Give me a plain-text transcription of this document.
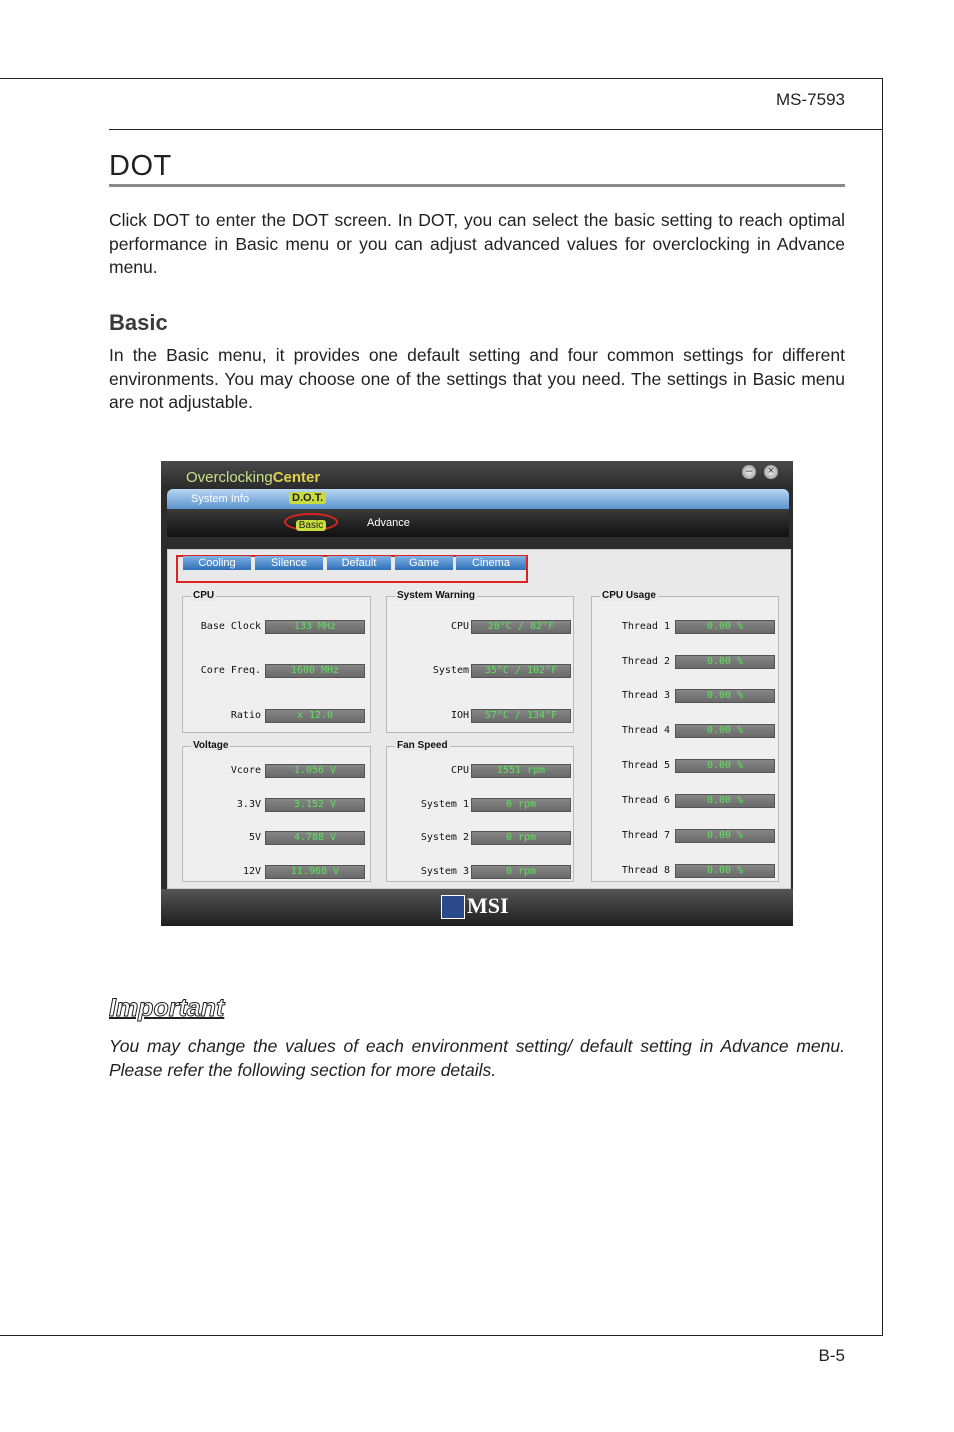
MS-7593
DOT
Click DOT to enter the DOT screen. In DOT, you can select the basic setting to reach optimal performance in Basic menu or you can adjust advanced values for overclocking in Advance menu.
Basic
In the Basic menu, it provides one default setting and four common settings for different environments. You may choose one of the settings that you need. The settings in Basic menu are not adjustable.
OverclockingCenter	–	×
System Info	D.O.T.
Basic	Advance
Cooling	Silence	Default	Game	Cinema
CPU
Base Clock	133 MHz
Core Freq.	1600 MHz
Ratio	x 12.0
System Warning
CPU	28°C / 82°F
System	35°C / 102°F
IOH	57°C / 134°F
CPU Usage
Thread 1	0.00 %
Thread 2	0.00 %
Thread 3	0.00 %
Thread 4	0.00 %
Thread 5	0.00 %
Thread 6	0.00 %
Thread 7	0.00 %
Thread 8	0.00 %
Voltage
Vcore	1.056 V
3.3V	3.152 V
5V	4.788 V
12V	11.968 V
Fan Speed
CPU	1551 rpm
System 1	0 rpm
System 2	0 rpm
System 3	0 rpm
MSI
Important
You may change the values of each environment setting/ default setting in Advance menu. Please refer the following section for more details.
B-5
